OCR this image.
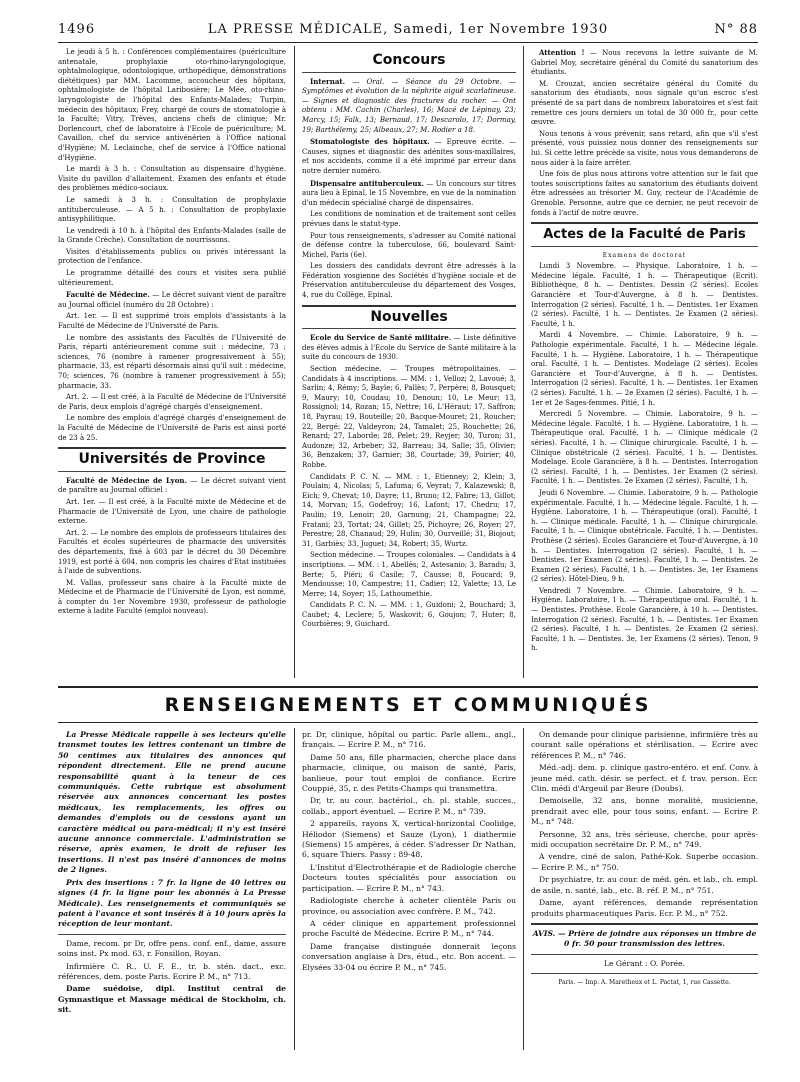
1496	LA PRESSE MÉDICALE, Samedi, 1er Novembre 1930	N° 88

Le jeudi à 5 h. : Conférences complémentaires (puériculture antenatale, prophylaxie oto-rhino-laryngologique, ophtalmologique, odontologique, orthopédique, démonstrations diététiques) par MM. Lacomme, accoucheur des hôpitaux, ophtalmologiste de l'hôpital Laribosière; Le Mée, oto-rhino-laryngologiste de l'hôpital des Enfants-Malades; Turpin, médecin des hôpitaux; Frey, chargé de cours de stomatologie à la Faculté; Vitry, Trèves, anciens chefs de clinique; Mr. Dorlencourt, chef de laboratoire à l'Ecole de puériculture; M. Cavaillon, chef du service antivénérien à l'Office national d'Hygiène; M. Leclainche, chef de service à l'Office national d'Hygiène.

Le mardi à 3 h. : Consultation au dispensaire d'hygiène. Visite du pavillon d'allaitement. Examen des enfants et étude des problèmes médico-sociaux.

Le samedi à 3 h. : Consultation de prophylaxie antituberculeuse. — A 5 h. : Consultation de prophylaxie antisyphilitique.

Le vendredi à 10 h. à l'hôpital des Enfants-Malades (salle de la Grande Crèche). Consultation de nourrissons.

Visites d'établissements publics ou privés intéressant la protection de l'enfance.

Le programme détaillé des cours et visites sera publié ultérieurement.

Faculté de Médecine. — Le décret suivant vient de paraître au Journal officiel (numéro du 28 Octobre) :

Art. 1er. — Il est supprimé trois emplois d'assistants à la Faculté de Médecine de l'Université de Paris.

Le nombre des assistants des Facultés de l'Université de Paris, réparti antérieurement comme suit : médecine, 73 ; sciences, 76 (nombre à ramener progressivement à 55); pharmacie, 33, est réparti désormais ainsi qu'il suit : médecine, 70; sciences, 76 (nombre à ramener progressivement à 55); pharmacie, 33.

Art. 2. — Il est créé, à la Faculté de Médecine de l'Université de Paris, deux emplois d'agrégé chargés d'enseignement.

Le nombre des emplois d'agrégé chargés d'enseignement de la Faculté de Médecine de l'Université de Paris est ainsi porté de 23 à 25.

Universités de Province

Faculté de Médecine de Lyon. — Le décret suivant vient de paraître au Journal officiel :

Art. 1er. — Il est créé, à la Faculté mixte de Médecine et de Pharmacie de l'Université de Lyon, une chaire de pathologie externe.

Art. 2. — Le nombre des emplois de professeurs titulaires des Facultés et écoles supérieures de pharmacie des universités des départements, fixé à 603 par le décret du 30 Décembre 1919, est porté à 604, non compris les chaires d'Etat instituées à l'aide de subventions.

M. Vallas, professeur sans chaire à la Faculté mixte de Médecine et de Pharmacie de l'Université de Lyon, est nommé, à compter du 1er Novembre 1930, professeur de pathologie externe à ladite Faculté (emploi nouveau).

Concours

Internat. — Oral. — Séance du 29 Octobre. — Symptômes et évolution de la néphrite aiguë scarlatineuse. — Signes et diagnostic des fractures du rocher. — Ont obtenu : MM. Cachin (Charles), 16; Macé de Lépinay, 23; Marcy, 15; Falk, 13; Bernaud, 17; Descarolo, 17; Dormay, 19; Barthélemy, 25; Albeaux, 27; M. Rodier a 18.

Stomatologiste des hôpitaux. — Epreuve écrite. — Causes, signes et diagnostic des adénites sous-maxillaires, et nos accidents, comme il a été imprimé par erreur dans notre dernier numéro.

Dispensaire antituberculeux. — Un concours sur titres aura lieu à Epinal, le 15 Novembre, en vue de la nomination d'un médecin spécialisé chargé de dispensaires.

Les conditions de nomination et de traitement sont celles prévues dans le statut-type.

Pour tous renseignements, s'adresser au Comité national de défense contre la tuberculose, 66, boulevard Saint-Michel, Paris (6e).

Les dossiers des candidats devront être adressés à la Fédération vosgienne des Sociétés d'hygiène sociale et de Préservation antituberculeuse du département des Vosges, 4, rue du Collège, Epinal.

Nouvelles

Ecole du Service de Santé militaire. — Liste définitive des élèves admis à l'Ecole du Service de Santé militaire à la suite du concours de 1930.

Section médecine. — Troupes métropolitaines. — Candidats à 4 inscriptions. — MM. : 1, Velloz; 2, Lavoué; 3, Sarlin; 4, Rémy; 5, Bayle; 6, Pallès; 7, Perpère; 8, Bousquet; 9, Maury; 10, Coudau; 10, Denoun; 10, Le Meur; 13, Rossignol; 14, Rozan; 15, Nettre; 16, L'Héraut; 17, Saffron; 18, Payrau; 19, Bouteille; 20, Bacque-Mouret; 21, Roucher; 22, Bergé; 22, Valdeyron; 24, Tamalet; 25, Rouchette; 26, Renard; 27, Laborde; 28, Pelet; 29, Reyjer; 30, Turon; 31, Audonze; 32, Arbeber; 32, Barreau; 34, Salle; 35, Olivier; 36, Benzaken; 37, Garnier; 38, Courtade; 39, Poirier; 40, Robbe.

Candidats P. C. N. — MM. : 1, Etienney; 2, Klein; 3, Poulain; 4, Nicolas; 5, Lafuma; 6, Veyrat; 7, Kalazewski; 8, Eich; 9, Chevat; 10, Dayre; 11, Bruno; 12, Fabre; 13, Gillot; 14, Morvan; 15, Godefroy; 16, Lafont; 17, Chedru; 17, Paulin; 19, Lenoir; 20, Garnung; 21, Champagne; 22, Fratani; 23, Tortat; 24, Gillet; 25, Pichoyre; 26, Royer; 27, Perestre; 28, Chanaud; 29, Hulin; 30, Ourveillé; 31, Biojout; 31, Garbiès; 33, Juguet; 34, Robert; 35, Wurtz.

Section médecine. — Troupes coloniales. — Candidats à 4 inscriptions. — MM. : 1, Abellès; 2, Astesanio; 3, Baradu; 3, Berte; 5, Piéri; 6 Casile; 7, Causse; 8, Foucard; 9, Mendousse; 10, Campestre; 11, Cadier; 12, Valette; 13, Le Merre; 14, Soyer; 15, Lathoumethie.

Candidats P. C. N. — MM. : 1, Guidoni; 2, Bouchard; 3, Caubet; 4, Leclere; 5, Waskovit; 6, Goujon; 7, Huter; 8, Courbières; 9, Guichard.

Attention ! — Nous recevons la lettre suivante de M. Gabriel Moy, secrétaire général du Comité du sanatorium des étudiants.

M. Crouzat, ancien secrétaire général du Comité du sanatorium des étudiants, nous signale qu'un escroc s'est présenté de sa part dans de nombreux laboratoires et s'est fait remettre ces jours derniers un total de 30 000 fr., pour cette œuvre.

Nous tenons à vous prévenir, sans retard, afin que s'il s'est présenté, vous puissiez nous donner des renseignements sur lui. Si cette lettre précède sa visite, nous vous demanderons de nous aider à la faire arrêter.

Une fois de plus nous attirons votre attention sur le fait que toutes souscriptions faites au sanatorium des étudiants doivent être adressées au trésorier M. Guy, recteur de l'Académie de Grenoble. Personne, autre que ce dernier, ne peut recevoir de fonds à l'actif de notre œuvre.

Actes de la Faculté de Paris

Examens de doctorat

Lundi 3 Novembre. — Physique. Laboratoire, 1 h. — Médecine légale. Faculté, 1 h. — Thérapeutique (Ecrit). Bibliothèque, 8 h. — Dentistes. Dessin (2 séries). Ecoles Garancière et Tour-d'Auvergne, à 8 h. — Dentistes. Interrogation (2 séries). Faculté, 1 h. — Dentistes. 1er Examen (2 séries). Faculté, 1 h. — Dentistes. 2e Examen (2 séries). Faculté, 1 h.

Mardi 4 Novembre. — Chimie. Laboratoire, 9 h. — Pathologie expérimentale. Faculté, 1 h. — Médecine légale. Faculté, 1 h. — Hygiène. Laboratoire, 1 h. — Thérapeutique oral. Faculté, 1 h. — Dentistes. Modelage (2 séries). Ecoles Garancière et Tour-d'Auvergne, à 8 h. — Dentistes. Interrogation (2 séries). Faculté, 1 h. — Dentistes. 1er Examen (2 séries). Faculté, 1 h. — 2e Examen (2 séries). Faculté, 1 h. — 1er et 2e Sages-femmes. Pitié, 1 h.

Mercredi 5 Novembre. — Chimie. Laboratoire, 9 h. — Médecine légale. Faculté, 1 h. — Hygiène. Laboratoire, 1 h. — Thérapeutique oral. Faculté, 1 h. — Clinique médicale (2 séries). Faculté, 1 h. — Clinique chirurgicale. Faculté, 1 h. — Clinique obstétricale (2 séries). Faculté, 1 h. — Dentistes. Modelage. Ecole Garancière, à 8 h. — Dentistes. Interrogation (2 séries). Faculté, 1 h. — Dentistes. 1er Examen (2 séries). Faculté, 1 h. — Dentistes. 2e Examen (2 séries). Faculté, 1 h.

Jeudi 6 Novembre. — Chimie. Laboratoire, 9 h. — Pathologie expérimentale. Faculté, 1 h. — Médecine légale. Faculté, 1 h. — Hygiène. Laboratoire, 1 h. — Thérapeutique (oral). Faculté, 1 h. — Clinique médicale. Faculté, 1 h. — Clinique chirurgicale. Faculté, 1 h. — Clinique obstétricale. Faculté, 1 h. — Dentistes. Prothèse (2 séries). Ecoles Garancière et Tour-d'Auvergne, à 10 h. — Dentistes. Interrogation (2 séries). Faculté, 1 h. — Dentistes. 1er Examen (2 séries). Faculté, 1 h. — Dentistes. 2e Examen (2 séries). Faculté, 1 h. — Dentistes. 3e, 1er Examens (2 séries). Hôtel-Dieu, 9 h.

Vendredi 7 Novembre. — Chimie. Laboratoire, 9 h. — Hygiène. Laboratoire, 1 h. — Thérapeutique oral. Faculté, 1 h. — Dentistes. Prothèse. Ecole Garancière, à 10 h. — Dentistes. Interrogation (2 séries). Faculté, 1 h. — Dentistes. 1er Examen (2 séries). Faculté, 1 h. — Dentistes. 2e Examen (2 séries). Faculté, 1 h. — Dentistes. 3e, 1er Examens (2 séries). Tenon, 9 h.

RENSEIGNEMENTS ET COMMUNIQUÉS

La Presse Médicale rappelle à ses lecteurs qu'elle transmet toutes les lettres contenant un timbre de 50 centimes aux titulaires des annonces qui répondent directement. Elle ne prend aucune responsabilité quant à la teneur de ces communiqués. Cette rubrique est absolument réservée aux annonces concernant les postes médicaux, les remplacements, les offres ou demandes d'emplois ou de cessions ayant un caractère médical ou para-médical; il n'y est inséré aucune annonce commerciale. L'administration se réserve, après examen, le droit de refuser les insertions. Il n'est pas inséré d'annonces de moins de 2 lignes.

Prix des insertions : 7 fr. la ligne de 40 lettres ou signes (4 fr. la ligne pour les abonnés à La Presse Médicale). Les renseignements et communiqués se paient à l'avance et sont insérés 8 à 10 jours après la réception de leur montant.

Dame, recom. pr Dr, offre pens. conf. enf., dame, assure soins inst. Px mod. 63, r. Fonsillon, Royan.

Infirmière C. R., U. F. E., tr. b. stén. dact., exc. références, dem. poste Paris. Ecrire P. M., n° 713.

Dame suédoise, dipl. Institut central de Gymnastique et Massage médical de Stockholm, ch. sit.

pr. Dr, clinique, hôpital ou partic. Parle allem., angl., français. — Ecrire P. M., n° 716.

Dame 50 ans, fille pharmacien, cherche place dans pharmacie, clinique, ou maison de santé, Paris, banlieue, pour tout emploi de confiance. Ecrire Couppié, 35, r. des Petits-Champs qui transmettra.

Dr, tr. au cour. bactériol., ch. pl. stable, succes., collab., apport éventuel. — Ecrire P. M., n° 739.

2 appareils, rayons X, vertical-horizontal Coolidge, Héliodor (Siemens) et Sauze (Lyon), 1 diathermie (Siemens) 15 ampères, à céder. S'adresser Dr Nathan, 6, square Thiers. Passy : 89-48.

L'Institut d'Electrothérapie et de Radiologie cherche Docteurs toutes spécialités pour association ou participation. — Ecrire P. M., n° 743.

Radiologiste cherche à acheter clientèle Paris ou province, ou association avec confrère. P. M., 742.

A céder clinique en appartement professionnel proche Faculté de Médecine. Ecrire P. M., n° 744.

Dame française distinguée donnerait leçons conversation anglaise à Drs, étud., etc. Bon accent. — Elysées 33-04 ou écrire P. M., n° 745.

On demande pour clinique parisienne, infirmière très au courant salle opérations et stérilisation. — Ecrire avec références P. M., n° 746.

Méd.-adj. dem. p. clinique gastro-entéro. et enf. Conv. à jeune méd. cath. désir. se perfect. et f. trav. person. Ecr. Clin. médi d'Argeuil par Beure (Doubs).

Demoiselle, 32 ans, bonne moralité, musicienne, prendrait avec elle, pour tous soins, enfant. — Ecrire P. M., n° 748.

Personne, 32 ans, très sérieuse, cherche, pour après-midi occupation secrétaire Dr. P. M., n° 749.

A vendre, ciné de salon, Pathé-Kok. Superbe occasion. — Ecrire P. M., n° 750.

Dr psychiatre, tr. au cour. de méd. gén. et lab., ch. empl. de asile, n. santé, lab., etc. B. réf. P. M., n° 751.

Dame, ayant références, demande représentation produits pharmaceutiques Paris. Ecr. P. M., n° 752.

AVIS. — Prière de joindre aux réponses un timbre de 0 fr. 50 pour transmission des lettres.

Le Gérant : O. Porée.

Paris. — Imp. A. Maretheux et L. Pactat, 1, rue Cassette.
